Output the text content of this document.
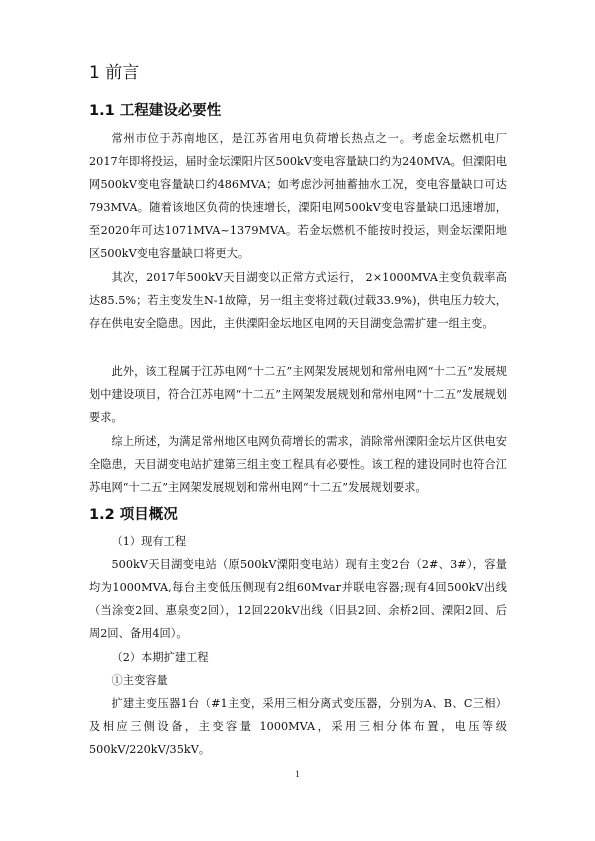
1 前言
1.1 工程建设必要性

常州市位于苏南地区，是江苏省用电负荷增长热点之一。考虑金坛燃机电厂2017年即将投运，届时金坛溧阳片区500kV变电容量缺口约为240MVA。但溧阳电网500kV变电容量缺口约486MVA；如考虑沙河抽蓄抽水工况，变电容量缺口可达793MVA。随着该地区负荷的快速增长，溧阳电网500kV变电容量缺口迅速增加，至2020年可达1071MVA~1379MVA。若金坛燃机不能按时投运，则金坛溧阳地区500kV变电容量缺口将更大。

其次，2017年500kV天目湖变以正常方式运行， 2×1000MVA主变负载率高达85.5%；若主变发生N-1故障，另一组主变将过载(过载33.9%)，供电压力较大，存在供电安全隐患。因此，主供溧阳金坛地区电网的天目湖变急需扩建一组主变。

此外，该工程属于江苏电网“十二五”主网架发展规划和常州电网“十二五”发展规划中建设项目，符合江苏电网“十二五”主网架发展规划和常州电网“十二五”发展规划要求。

综上所述，为满足常州地区电网负荷增长的需求，消除常州溧阳金坛片区供电安全隐患，天目湖变电站扩建第三组主变工程具有必要性。该工程的建设同时也符合江苏电网“十二五”主网架发展规划和常州电网“十二五”发展规划要求。

1.2 项目概况

（1）现有工程

500kV天目湖变电站（原500kV溧阳变电站）现有主变2台（2#、3#），容量均为1000MVA,每台主变低压侧现有2组60Mvar并联电容器;现有4回500kV出线（当涂变2回、惠泉变2回），12回220kV出线（旧县2回、余桥2回、溧阳2回、后周2回、备用4回）。

（2）本期扩建工程

①主变容量

扩建主变压器1台（#1主变，采用三相分离式变压器，分别为A、B、C三相）及相应三侧设备，主变容量 1000MVA，采用三相分体布置，电压等级500kV/220kV/35kV。

1
